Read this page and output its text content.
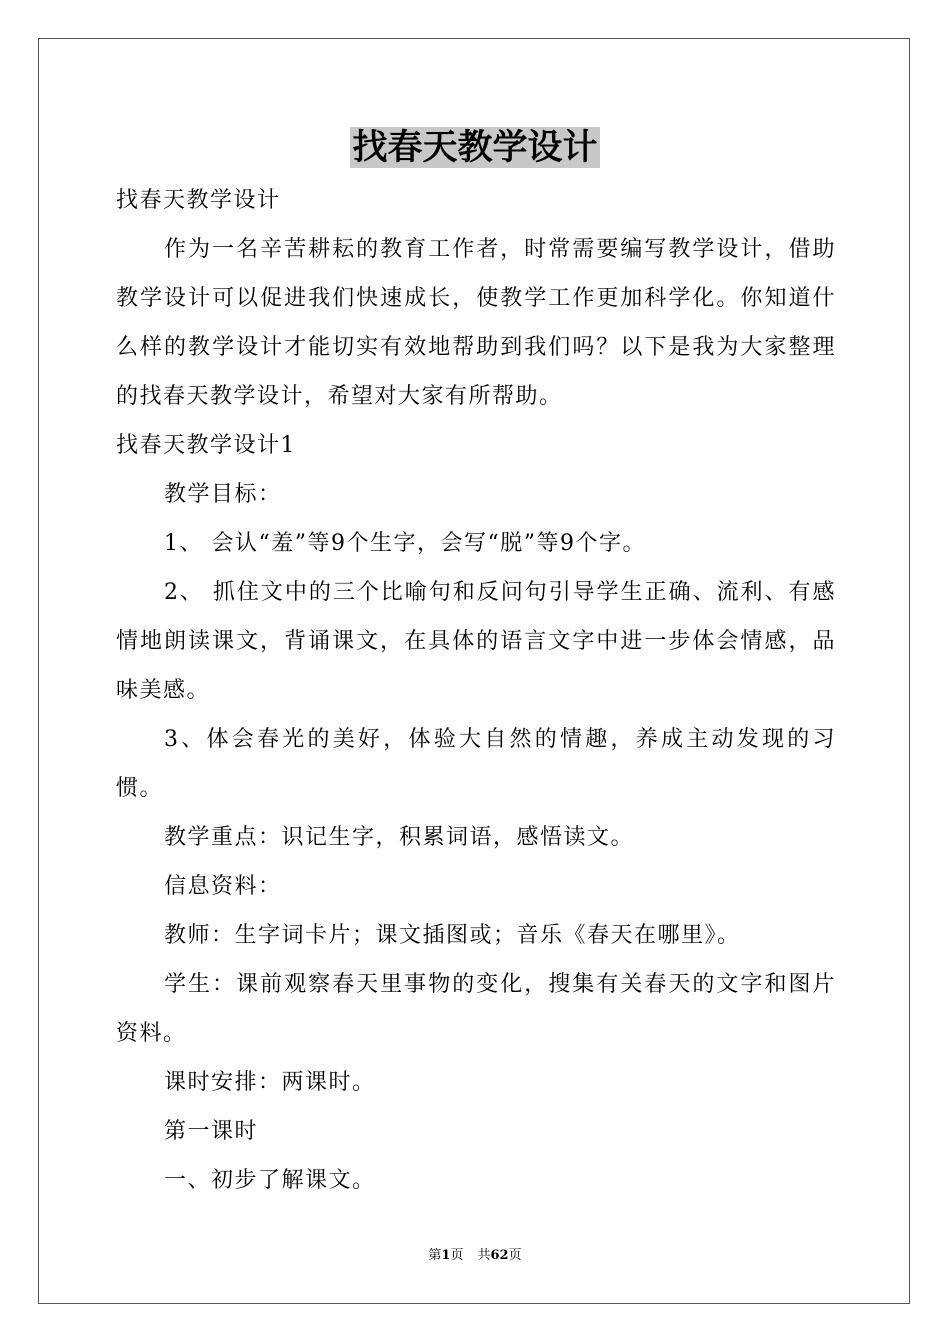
找春天教学设计

找春天教学设计

作为一名辛苦耕耘的教育工作者，时常需要编写教学设计，借助教学设计可以促进我们快速成长，使教学工作更加科学化。你知道什么样的教学设计才能切实有效地帮助到我们吗？以下是我为大家整理的找春天教学设计，希望对大家有所帮助。

找春天教学设计1

教学目标：

1、 会认“羞”等9个生字，会写“脱”等9个字。

2、 抓住文中的三个比喻句和反问句引导学生正确、流利、有感情地朗读课文，背诵课文，在具体的语言文字中进一步体会情感，品味美感。

3、体会春光的美好，体验大自然的情趣，养成主动发现的习惯。

教学重点：识记生字，积累词语，感悟读文。

信息资料：

教师：生字词卡片；课文插图或；音乐《春天在哪里》。

学生：课前观察春天里事物的变化，搜集有关春天的文字和图片资料。

课时安排：两课时。

第一课时

一、初步了解课文。

第1页 共62页
